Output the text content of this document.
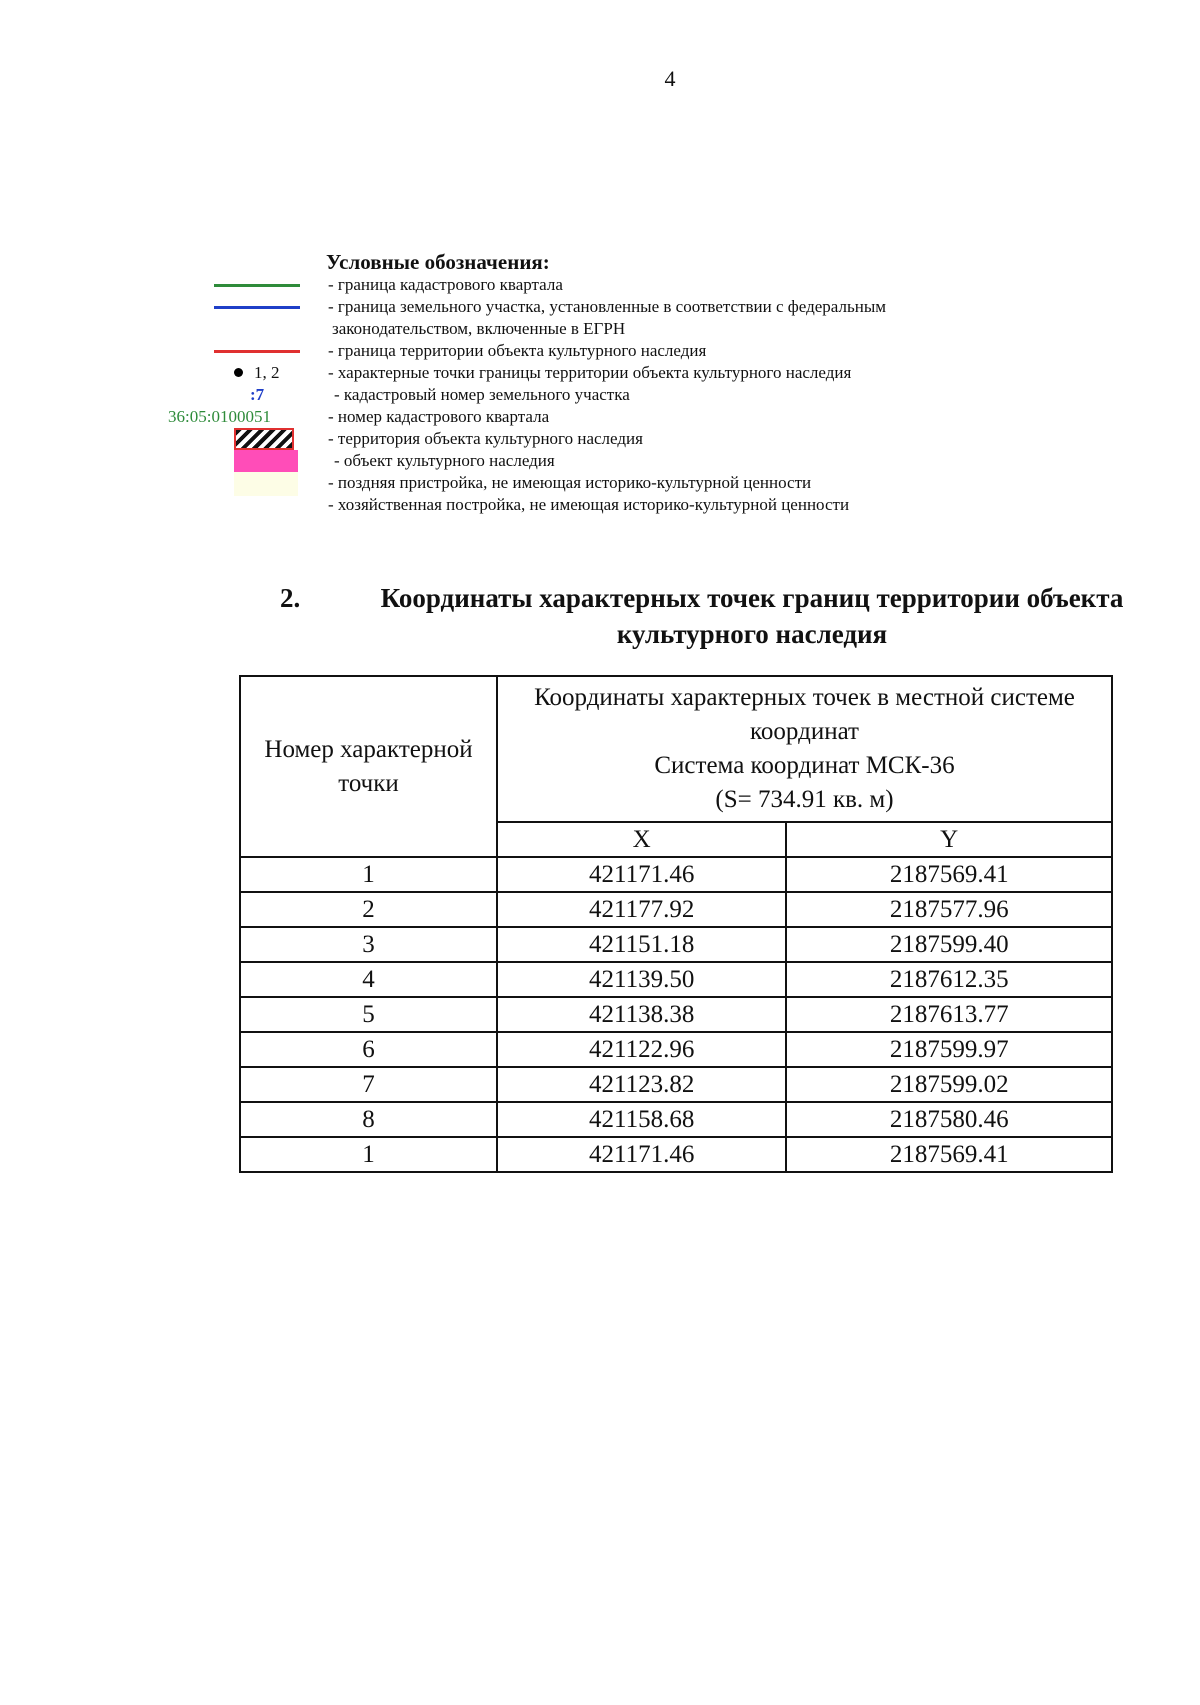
4
Условные обозначения:
- граница кадастрового квартала
- граница земельного участка, установленные в соответствии с федеральным
законодательством, включенные в ЕГРН
- граница территории объекта культурного наследия
1, 2	- характерные точки границы территории объекта культурного наследия
:7	- кадастровый номер земельного участка
36:05:0100051	- номер кадастрового квартала
- территория объекта культурного наследия
- объект культурного наследия
- поздняя пристройка, не имеющая историко-культурной ценности
- хозяйственная постройка, не имеющая историко-культурной ценности
2.	Координаты характерных точек границ территории объекта культурного наследия
Номер характерной точки	Координаты характерных точек в местной системе координат
Система координат МСК-36
(S= 734.91 кв. м)	

	X	Y
1	421171.46	2187569.41
2	421177.92	2187577.96
3	421151.18	2187599.40
4	421139.50	2187612.35
5	421138.38	2187613.77
6	421122.96	2187599.97
7	421123.82	2187599.02
8	421158.68	2187580.46
1	421171.46	2187569.41
